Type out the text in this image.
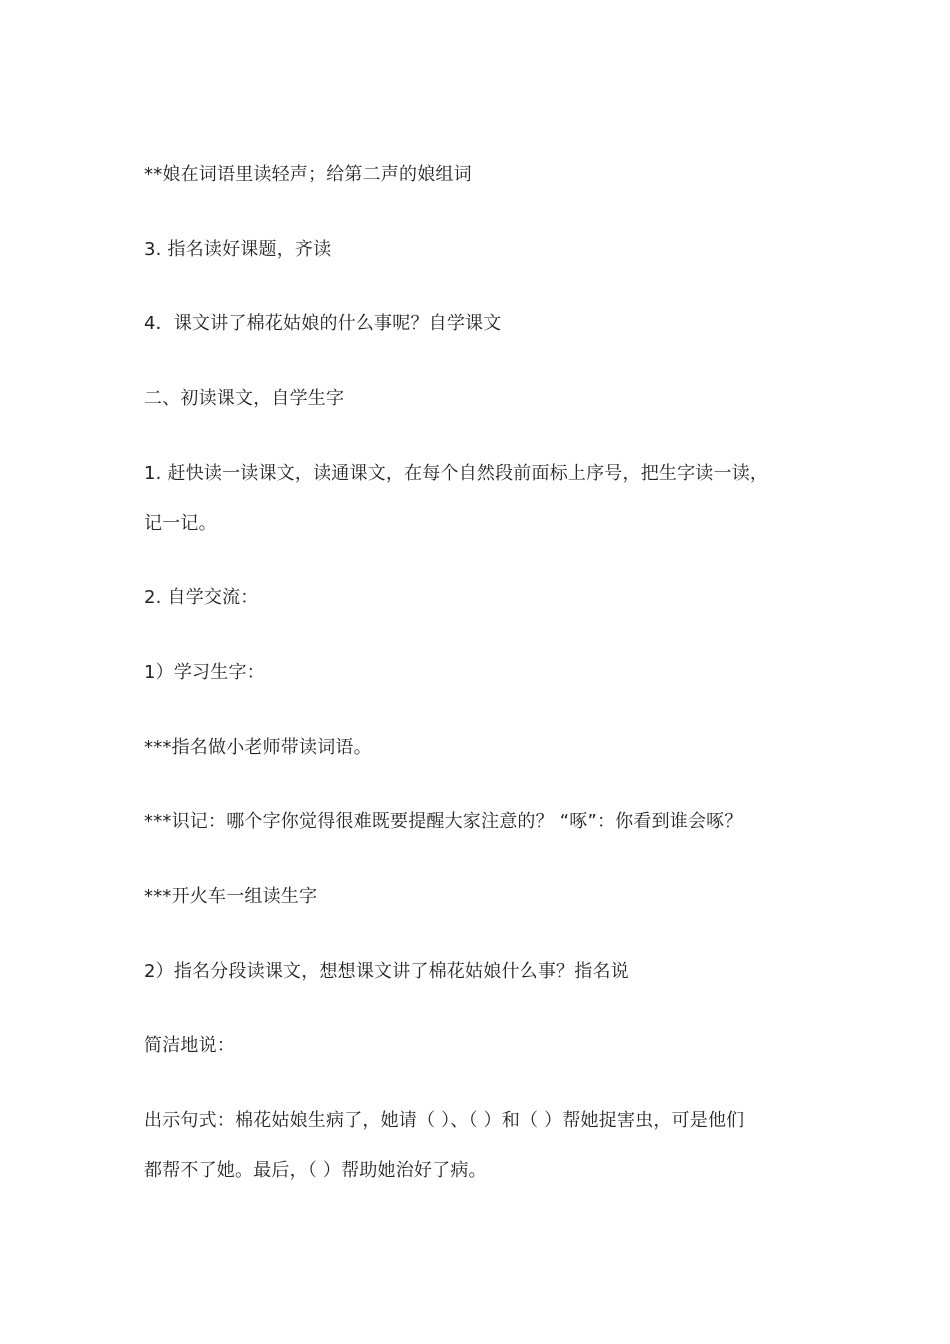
**娘在词语里读轻声；给第二声的娘组词
3. 指名读好课题，齐读
4．课文讲了棉花姑娘的什么事呢？自学课文
二、初读课文，自学生字
1. 赶快读一读课文，读通课文，在每个自然段前面标上序号，把生字读一读，
记一记。
2. 自学交流：
1）学习生字：
***指名做小老师带读词语。
***识记：哪个字你觉得很难既要提醒大家注意的？ “啄”：你看到谁会啄？
***开火车一组读生字
2）指名分段读课文，想想课文讲了棉花姑娘什么事？指名说
简洁地说：
出示句式：棉花姑娘生病了，她请（ ）、（ ）和（ ）帮她捉害虫，可是他们
都帮不了她。最后，（ ）帮助她治好了病。
